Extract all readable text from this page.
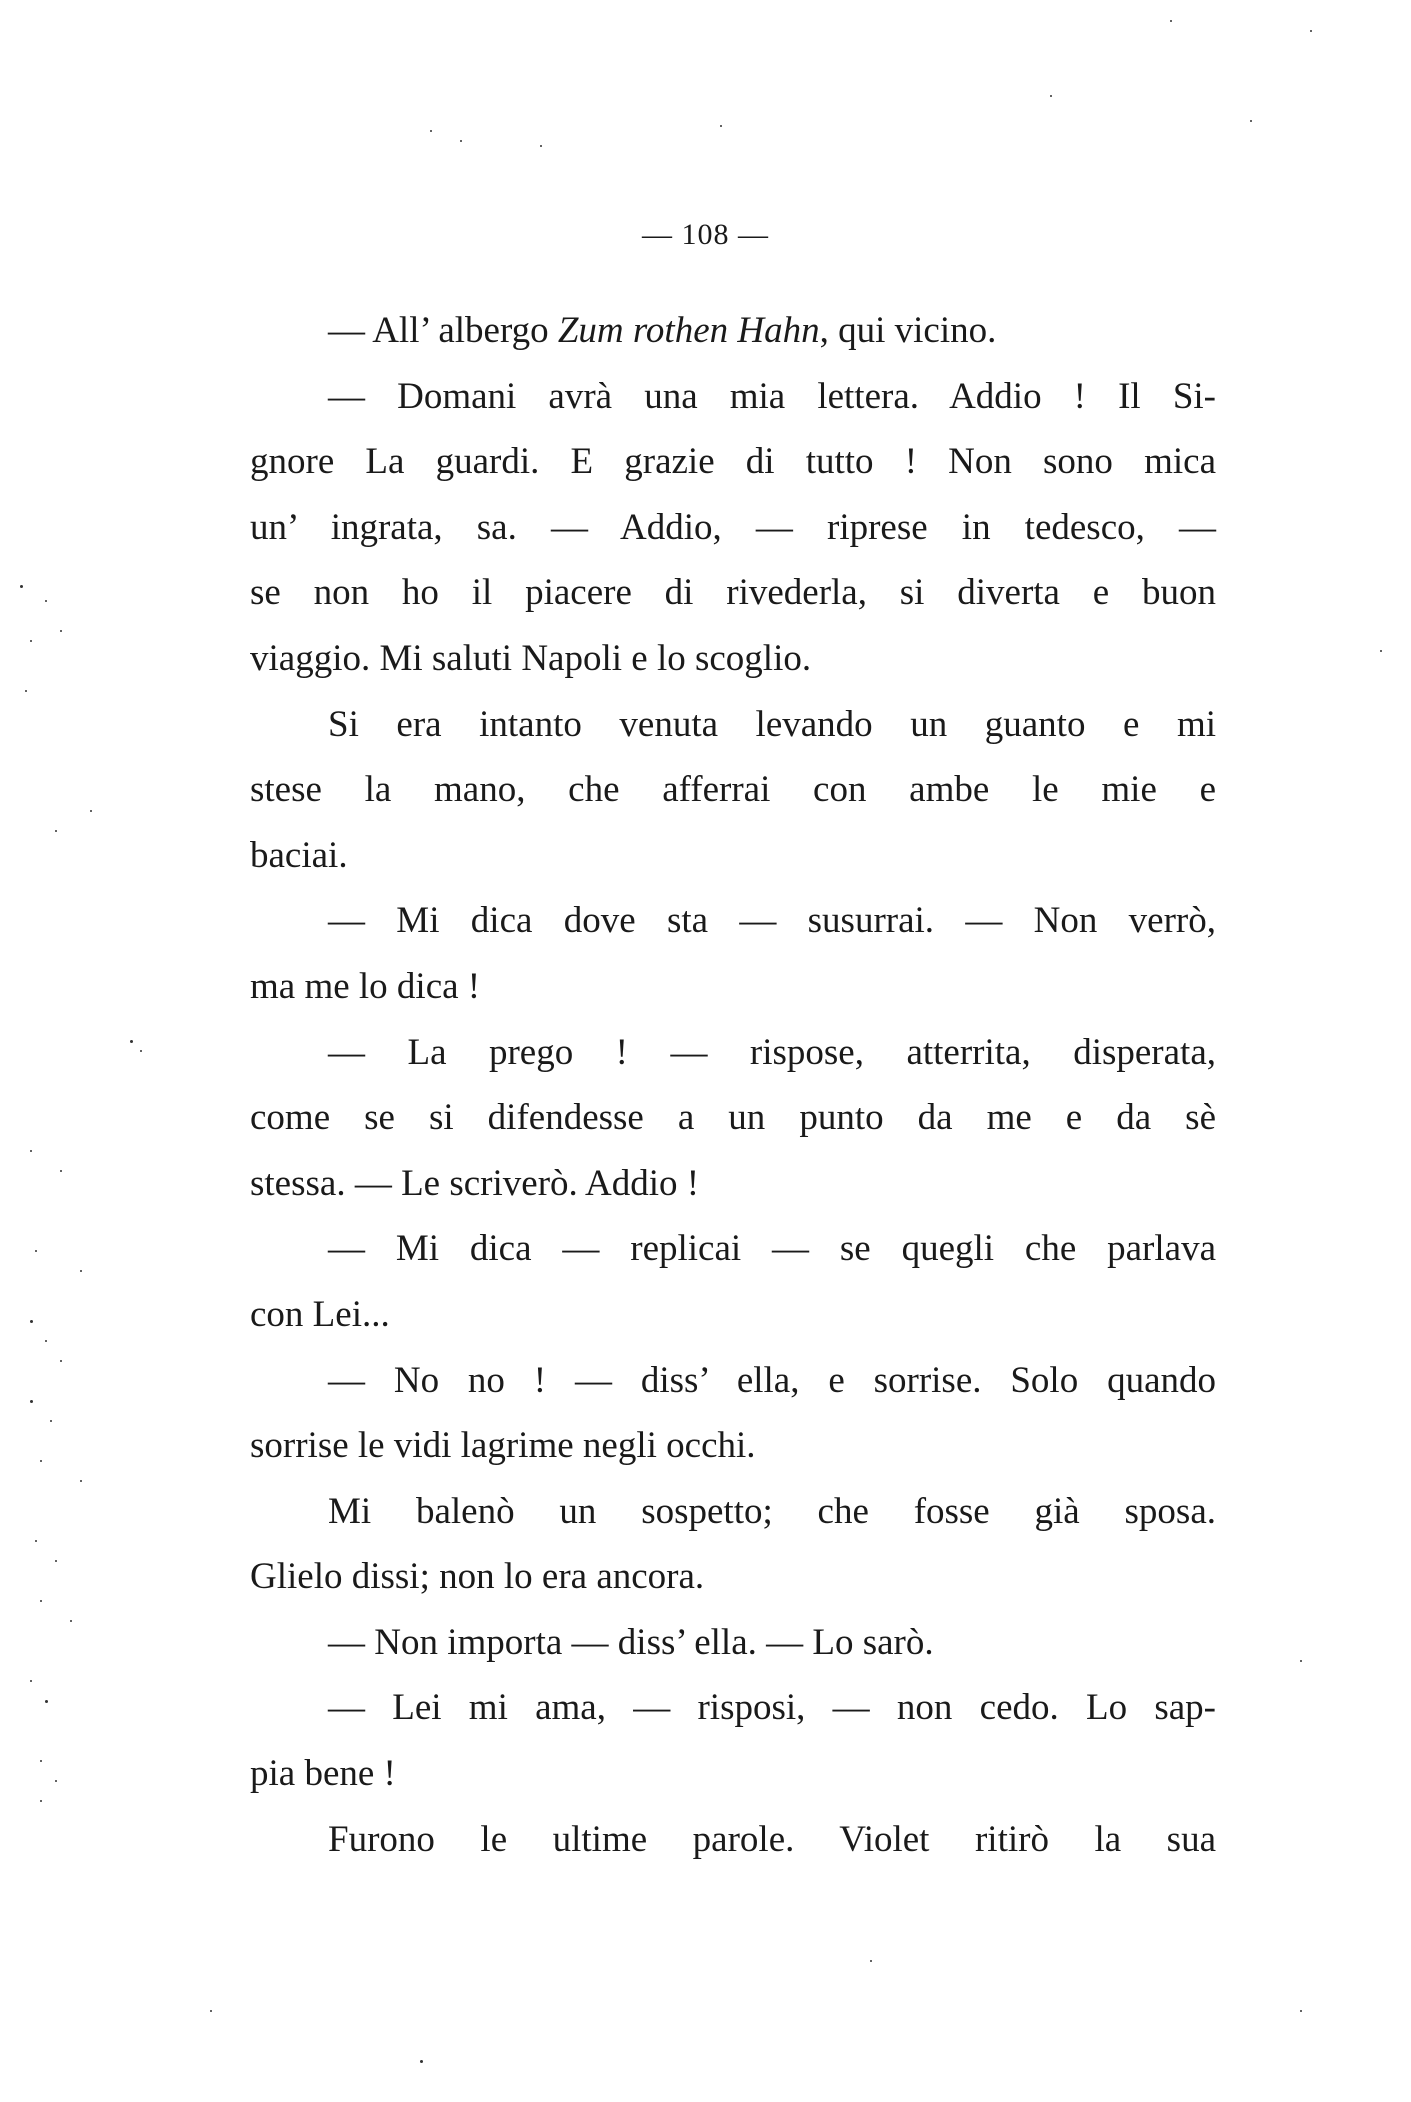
— 108 —
— All’ albergo Zum rothen Hahn, qui vicino.
— Domani avrà una mia lettera. Addio ! Il Si-
gnore La guardi. E grazie di tutto ! Non sono mica
un’ ingrata, sa. — Addio, — riprese in tedesco, —
se non ho il piacere di rivederla, si diverta e buon
viaggio. Mi saluti Napoli e lo scoglio.
Si era intanto venuta levando un guanto e mi
stese la mano, che afferrai con ambe le mie e
baciai.
— Mi dica dove sta — susurrai. — Non verrò,
ma me lo dica !
— La prego ! — rispose, atterrita, disperata,
come se si difendesse a un punto da me e da sè
stessa. — Le scriverò. Addio !
— Mi dica — replicai — se quegli che parlava
con Lei...
— No no ! — diss’ ella, e sorrise. Solo quando
sorrise le vidi lagrime negli occhi.
Mi balenò un sospetto; che fosse già sposa.
Glielo dissi; non lo era ancora.
— Non importa — diss’ ella. — Lo sarò.
— Lei mi ama, — risposi, — non cedo. Lo sap-
pia bene !
Furono le ultime parole. Violet ritirò la sua
